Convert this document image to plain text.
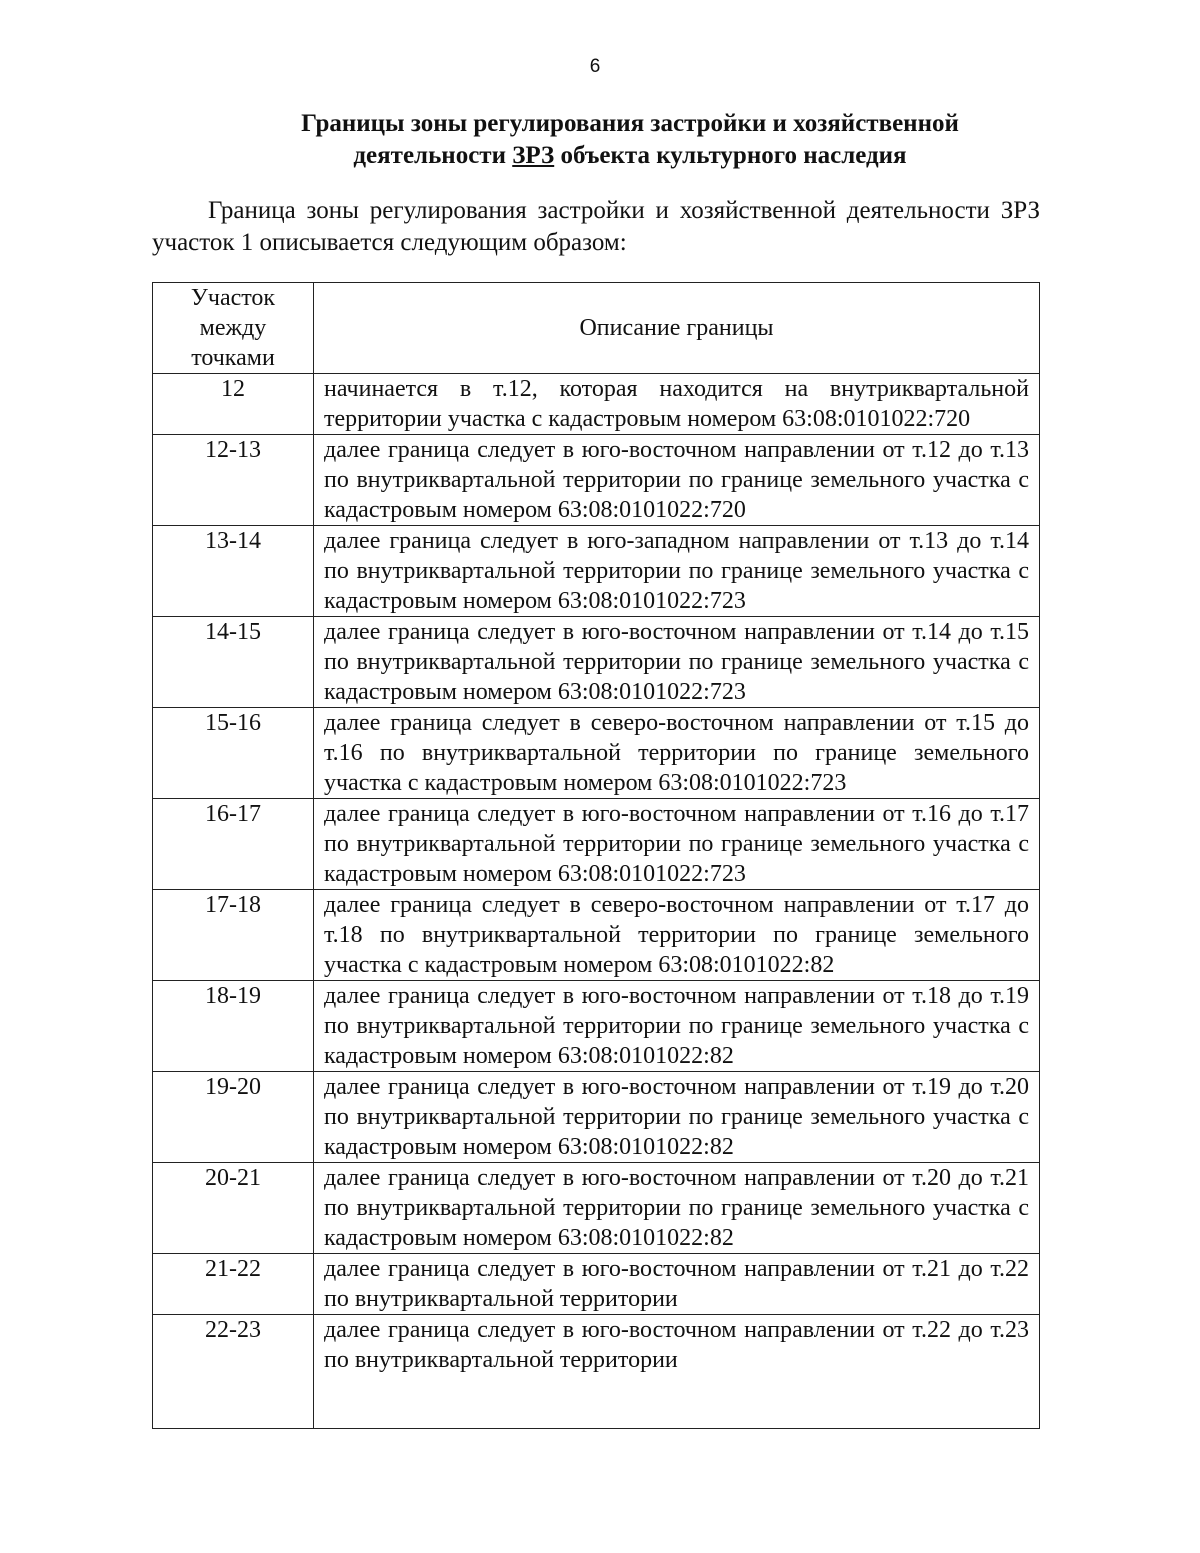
6
Границы зоны регулирования застройки и хозяйственной
деятельности ЗРЗ объекта культурного наследия

Граница зоны регулирования застройки и хозяйственной деятельности ЗРЗ участок 1 описывается следующим образом:

Участок
между
точками	Описание границы
12	начинается в т.12, которая находится на внутриквартальной территории участка с кадастровым номером 63:08:0101022:720
12-13	далее граница следует в юго-восточном направлении от т.12 до т.13 по внутриквартальной территории по границе земельного участка с кадастровым номером 63:08:0101022:720
13-14	далее граница следует в юго-западном направлении от т.13 до т.14 по внутриквартальной территории по границе земельного участка с кадастровым номером 63:08:0101022:723
14-15	далее граница следует в юго-восточном направлении от т.14 до т.15 по внутриквартальной территории по границе земельного участка с кадастровым номером 63:08:0101022:723
15-16	далее граница следует в северо-восточном направлении от т.15 до т.16 по внутриквартальной территории по границе земельного участка с кадастровым номером 63:08:0101022:723
16-17	далее граница следует в юго-восточном направлении от т.16 до т.17 по внутриквартальной территории по границе земельного участка с кадастровым номером 63:08:0101022:723
17-18	далее граница следует в северо-восточном направлении от т.17 до т.18 по внутриквартальной территории по границе земельного участка с кадастровым номером 63:08:0101022:82
18-19	далее граница следует в юго-восточном направлении от т.18 до т.19 по внутриквартальной территории по границе земельного участка с кадастровым номером 63:08:0101022:82
19-20	далее граница следует в юго-восточном направлении от т.19 до т.20 по внутриквартальной территории по границе земельного участка с кадастровым номером 63:08:0101022:82
20-21	далее граница следует в юго-восточном направлении от т.20 до т.21 по внутриквартальной территории по границе земельного участка с кадастровым номером 63:08:0101022:82
21-22	далее граница следует в юго-восточном направлении от т.21 до т.22 по внутриквартальной территории
22-23	далее граница следует в юго-восточном направлении от т.22 до т.23 по внутриквартальной территории
